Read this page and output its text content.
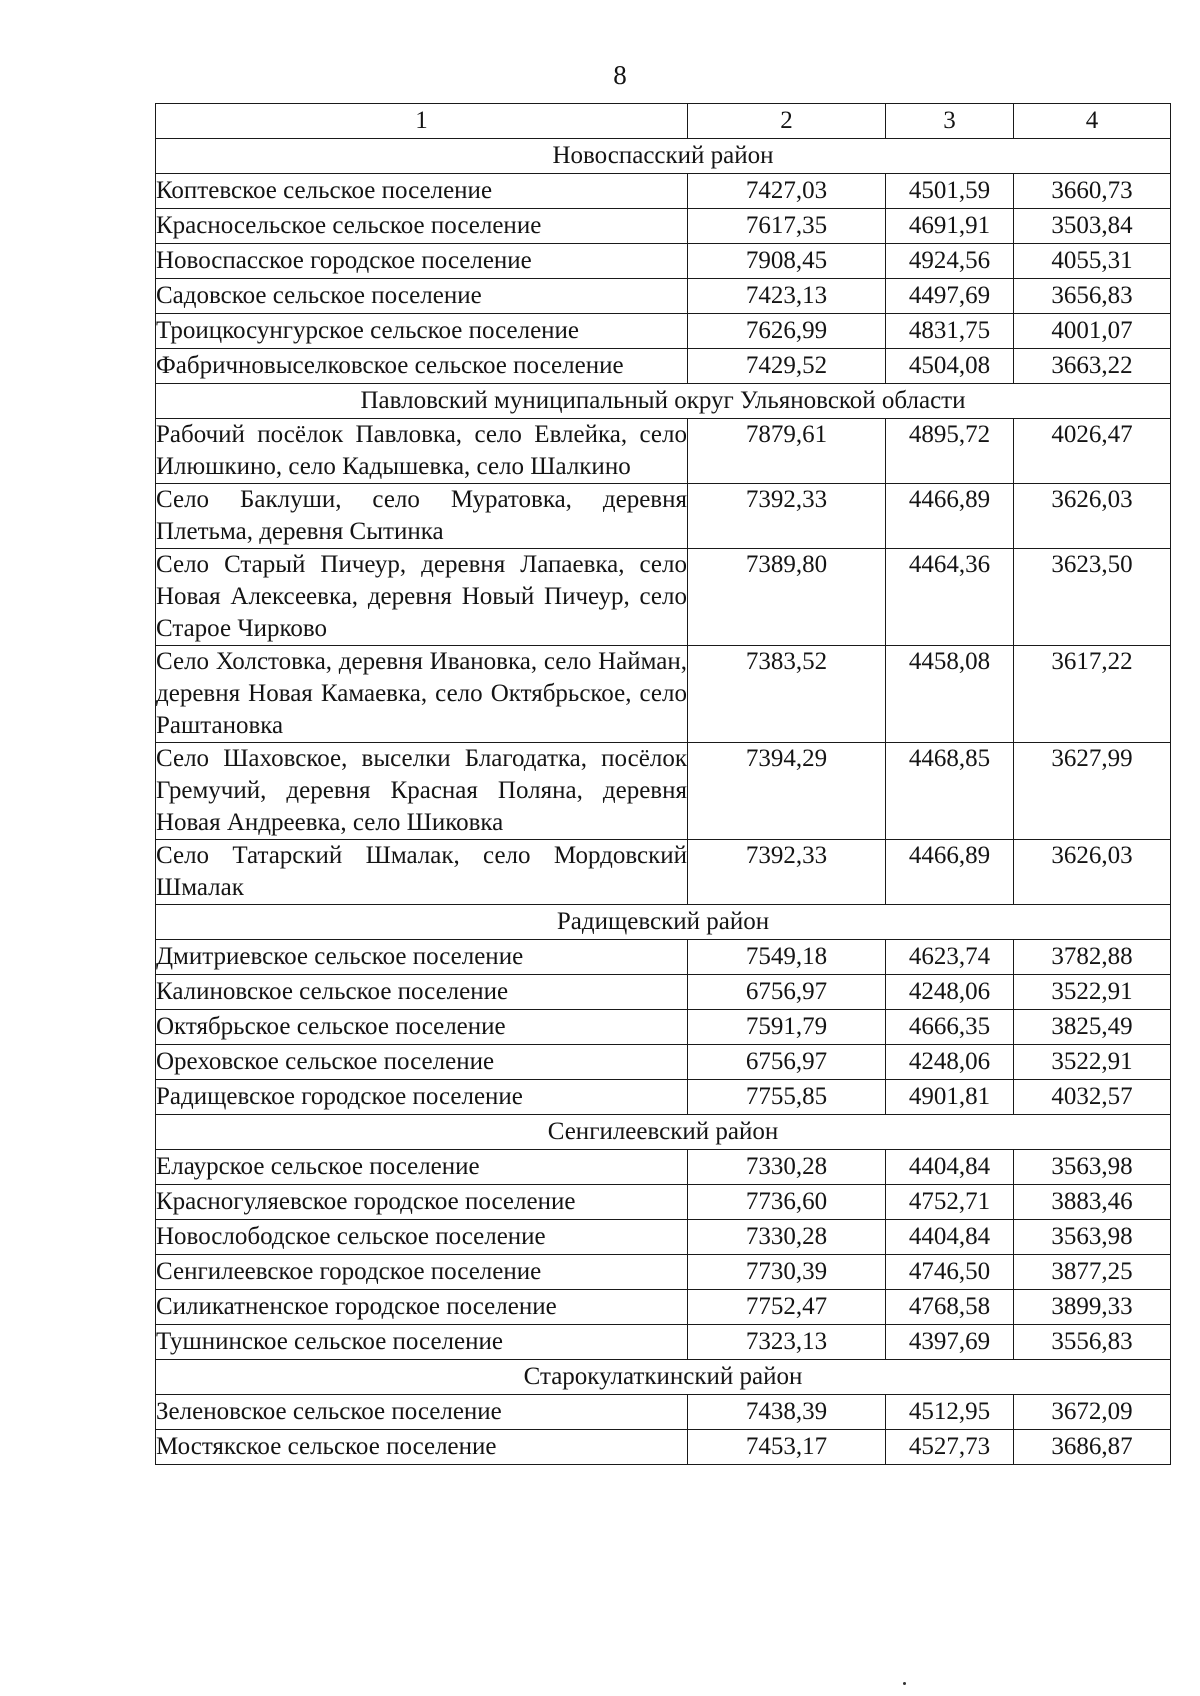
8
1	2	3	4
Новоспасский район			
Коптевское сельское поселение	7427,03	4501,59	3660,73
Красносельское сельское поселение	7617,35	4691,91	3503,84
Новоспасское городское поселение	7908,45	4924,56	4055,31
Садовское сельское поселение	7423,13	4497,69	3656,83
Троицкосунгурское сельское поселение	7626,99	4831,75	4001,07
Фабричновыселковское сельское поселение	7429,52	4504,08	3663,22
Павловский муниципальный округ Ульяновской области			
Рабочий посёлок Павловка, село Евлейка, село Илюшкино, село Кадышевка, село Шалкино	7879,61	4895,72	4026,47
Село Баклуши, село Муратовка, деревня Плетьма, деревня Сытинка	7392,33	4466,89	3626,03
Село Старый Пичеур, деревня Лапаевка, село Новая Алексеевка, деревня Новый Пичеур, село Старое Чирково	7389,80	4464,36	3623,50
Село Холстовка, деревня Ивановка, село Найман, деревня Новая Камаевка, село Октябрьское, село Раштановка	7383,52	4458,08	3617,22
Село Шаховское, выселки Благодатка, посёлок Гремучий, деревня Красная Поляна, деревня Новая Андреевка, село Шиковка	7394,29	4468,85	3627,99
Село Татарский Шмалак, село Мордовский Шмалак	7392,33	4466,89	3626,03
Радищевский район			
Дмитриевское сельское поселение	7549,18	4623,74	3782,88
Калиновское сельское поселение	6756,97	4248,06	3522,91
Октябрьское сельское поселение	7591,79	4666,35	3825,49
Ореховское сельское поселение	6756,97	4248,06	3522,91
Радищевское городское поселение	7755,85	4901,81	4032,57
Сенгилеевский район			
Елаурское сельское поселение	7330,28	4404,84	3563,98
Красногуляевское городское поселение	7736,60	4752,71	3883,46
Новослободское сельское поселение	7330,28	4404,84	3563,98
Сенгилеевское городское поселение	7730,39	4746,50	3877,25
Силикатненское городское поселение	7752,47	4768,58	3899,33
Тушнинское сельское поселение	7323,13	4397,69	3556,83
Старокулаткинский район			
Зеленовское сельское поселение	7438,39	4512,95	3672,09
Мостякское сельское поселение	7453,17	4527,73	3686,87
